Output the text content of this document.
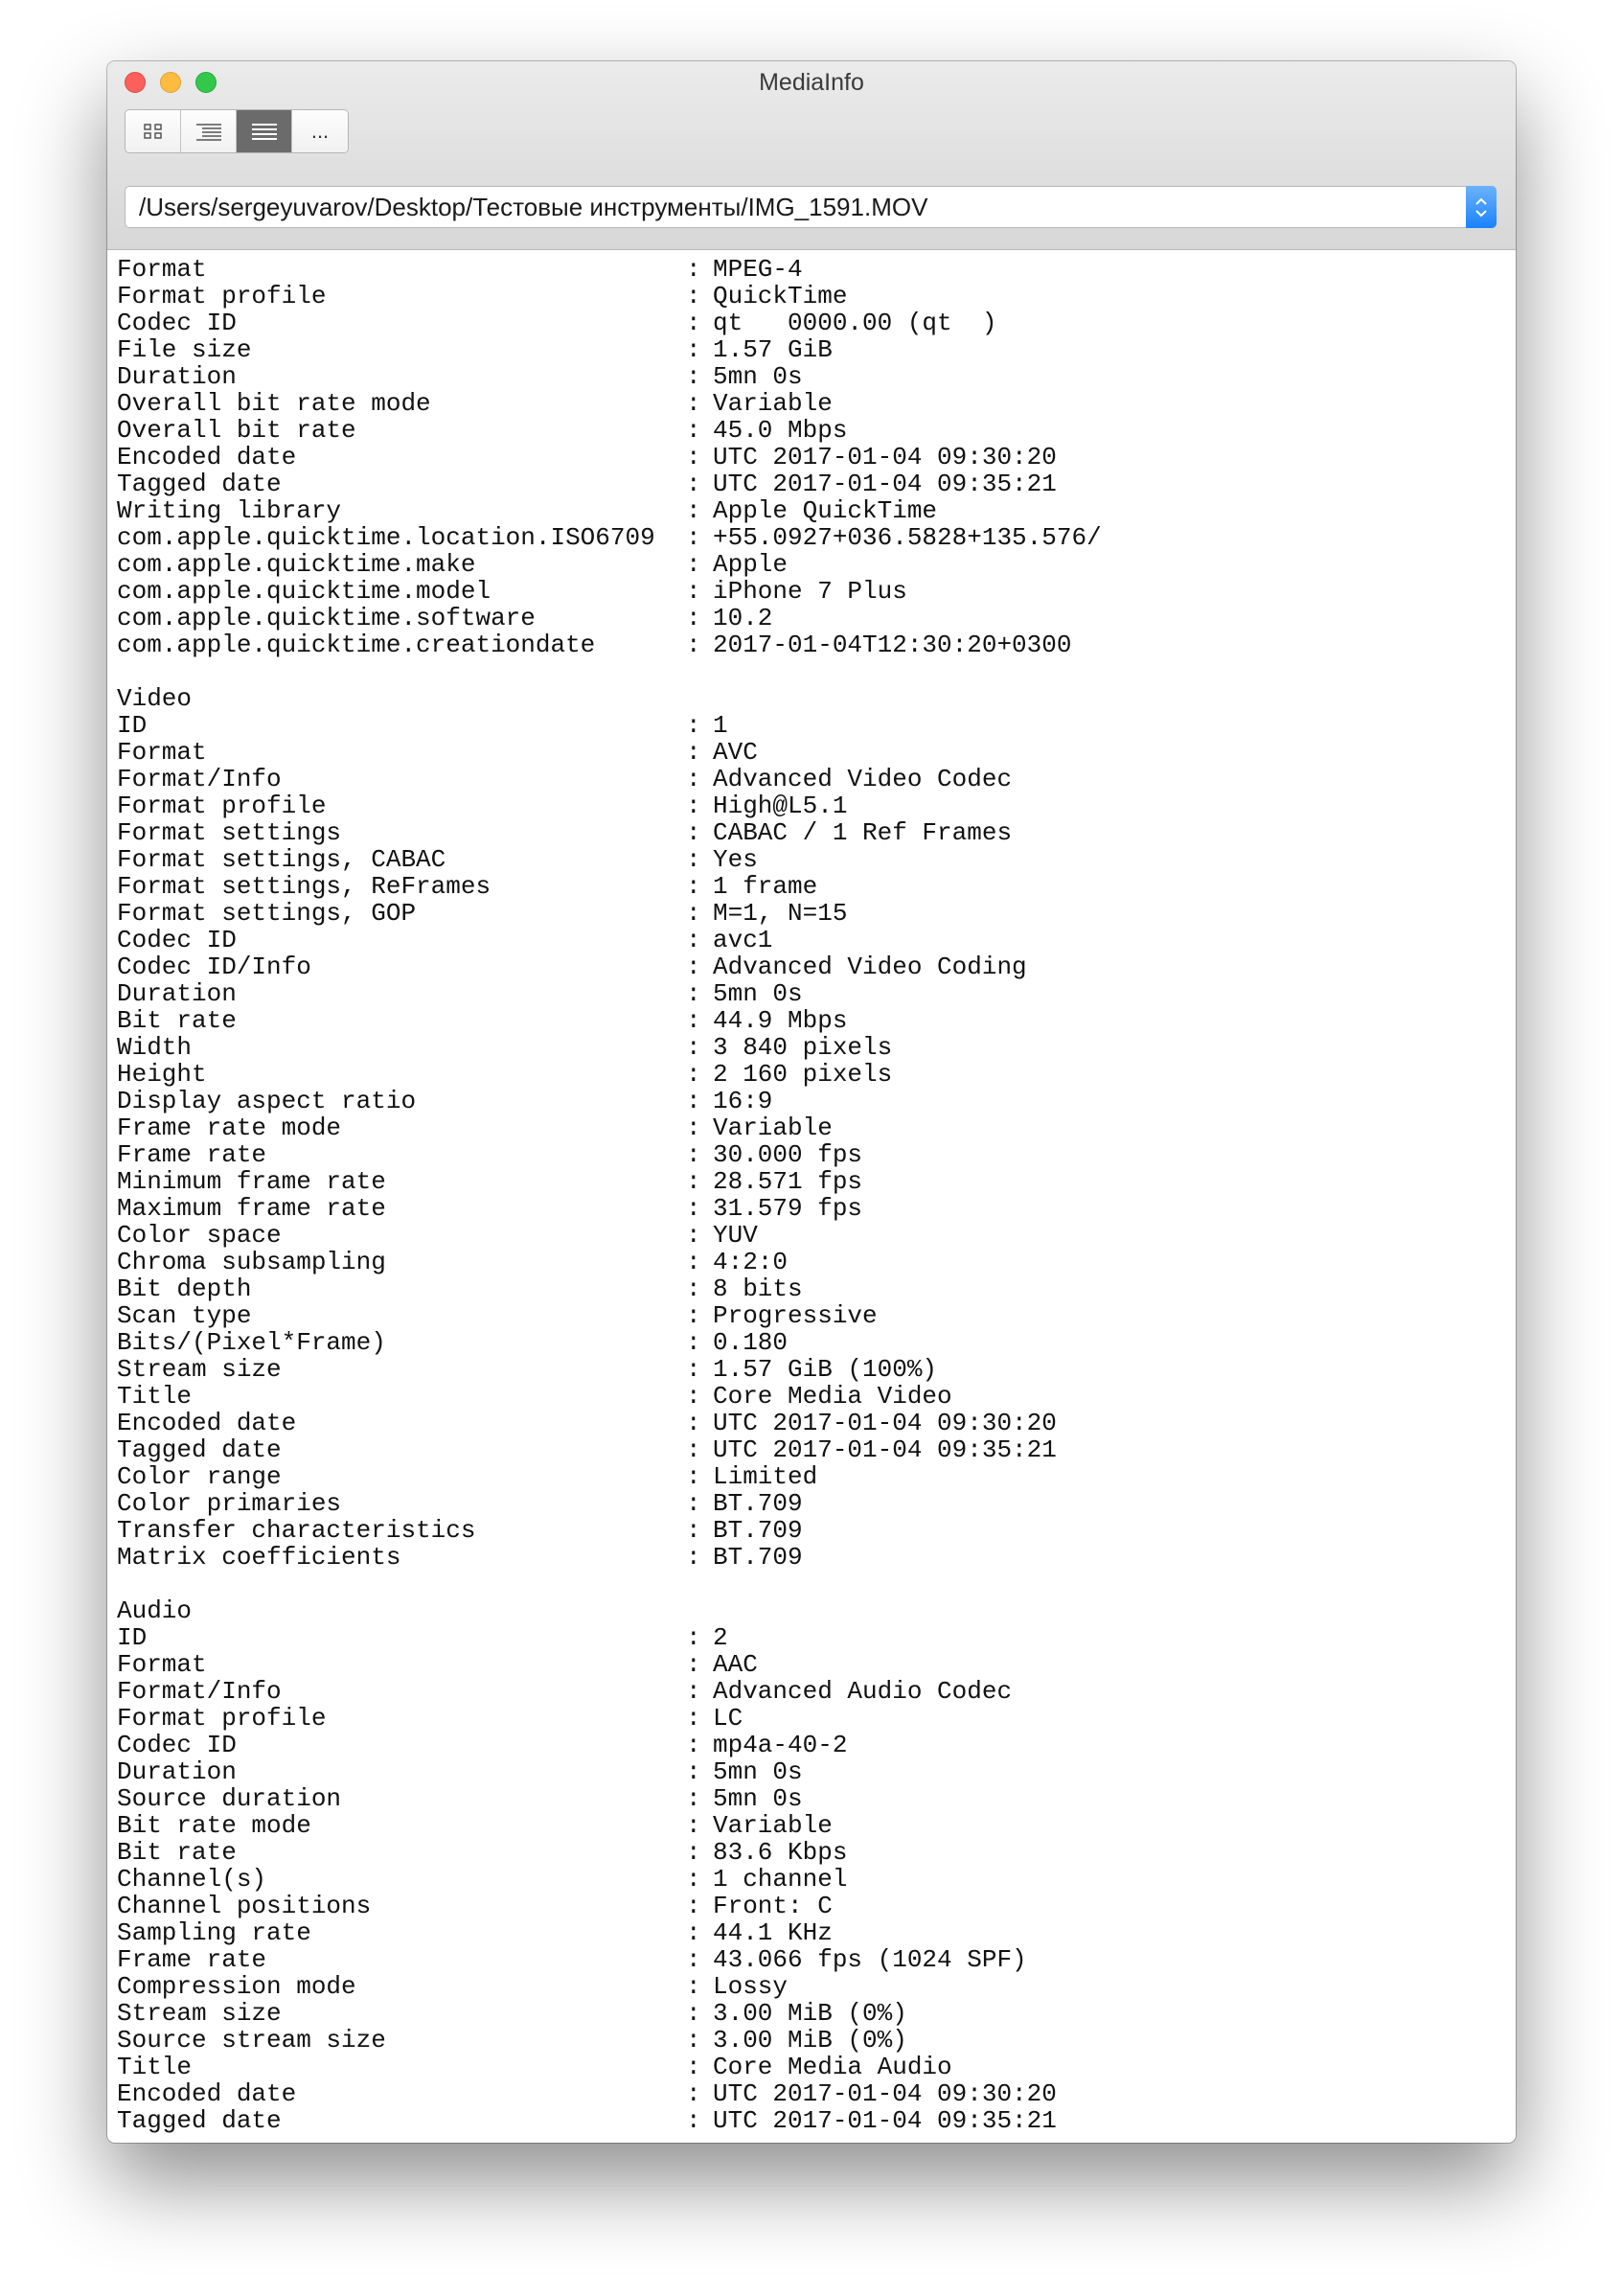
MediaInfo
...
/Users/sergeyuvarov/Desktop/Тестовые инструменты/IMG_1591.MOV
Format	: MPEG-4
Format profile	: QuickTime
Codec ID	: qt   0000.00 (qt  )
File size	: 1.57 GiB
Duration	: 5mn 0s
Overall bit rate mode	: Variable
Overall bit rate	: 45.0 Mbps
Encoded date	: UTC 2017-01-04 09:30:20
Tagged date	: UTC 2017-01-04 09:35:21
Writing library	: Apple QuickTime
com.apple.quicktime.location.ISO6709 : +55.0927+036.5828+135.576/
com.apple.quicktime.make	: Apple
com.apple.quicktime.model	: iPhone 7 Plus
com.apple.quicktime.software	: 10.2
com.apple.quicktime.creationdate	: 2017-01-04T12:30:20+0300
Video
ID	: 1
Format	: AVC
Format/Info	: Advanced Video Codec
Format profile	: High@L5.1
Format settings	: CABAC / 1 Ref Frames
Format settings, CABAC	: Yes
Format settings, ReFrames	: 1 frame
Format settings, GOP	: M=1, N=15
Codec ID	: avc1
Codec ID/Info	: Advanced Video Coding
Duration	: 5mn 0s
Bit rate	: 44.9 Mbps
Width	: 3 840 pixels
Height	: 2 160 pixels
Display aspect ratio	: 16:9
Frame rate mode	: Variable
Frame rate	: 30.000 fps
Minimum frame rate	: 28.571 fps
Maximum frame rate	: 31.579 fps
Color space	: YUV
Chroma subsampling	: 4:2:0
Bit depth	: 8 bits
Scan type	: Progressive
Bits/(Pixel*Frame)	: 0.180
Stream size	: 1.57 GiB (100%)
Title	: Core Media Video
Encoded date	: UTC 2017-01-04 09:30:20
Tagged date	: UTC 2017-01-04 09:35:21
Color range	: Limited
Color primaries	: BT.709
Transfer characteristics	: BT.709
Matrix coefficients	: BT.709
Audio
ID	: 2
Format	: AAC
Format/Info	: Advanced Audio Codec
Format profile	: LC
Codec ID	: mp4a-40-2
Duration	: 5mn 0s
Source duration	: 5mn 0s
Bit rate mode	: Variable
Bit rate	: 83.6 Kbps
Channel(s)	: 1 channel
Channel positions	: Front: C
Sampling rate	: 44.1 KHz
Frame rate	: 43.066 fps (1024 SPF)
Compression mode	: Lossy
Stream size	: 3.00 MiB (0%)
Source stream size	: 3.00 MiB (0%)
Title	: Core Media Audio
Encoded date	: UTC 2017-01-04 09:30:20
Tagged date	: UTC 2017-01-04 09:35:21
